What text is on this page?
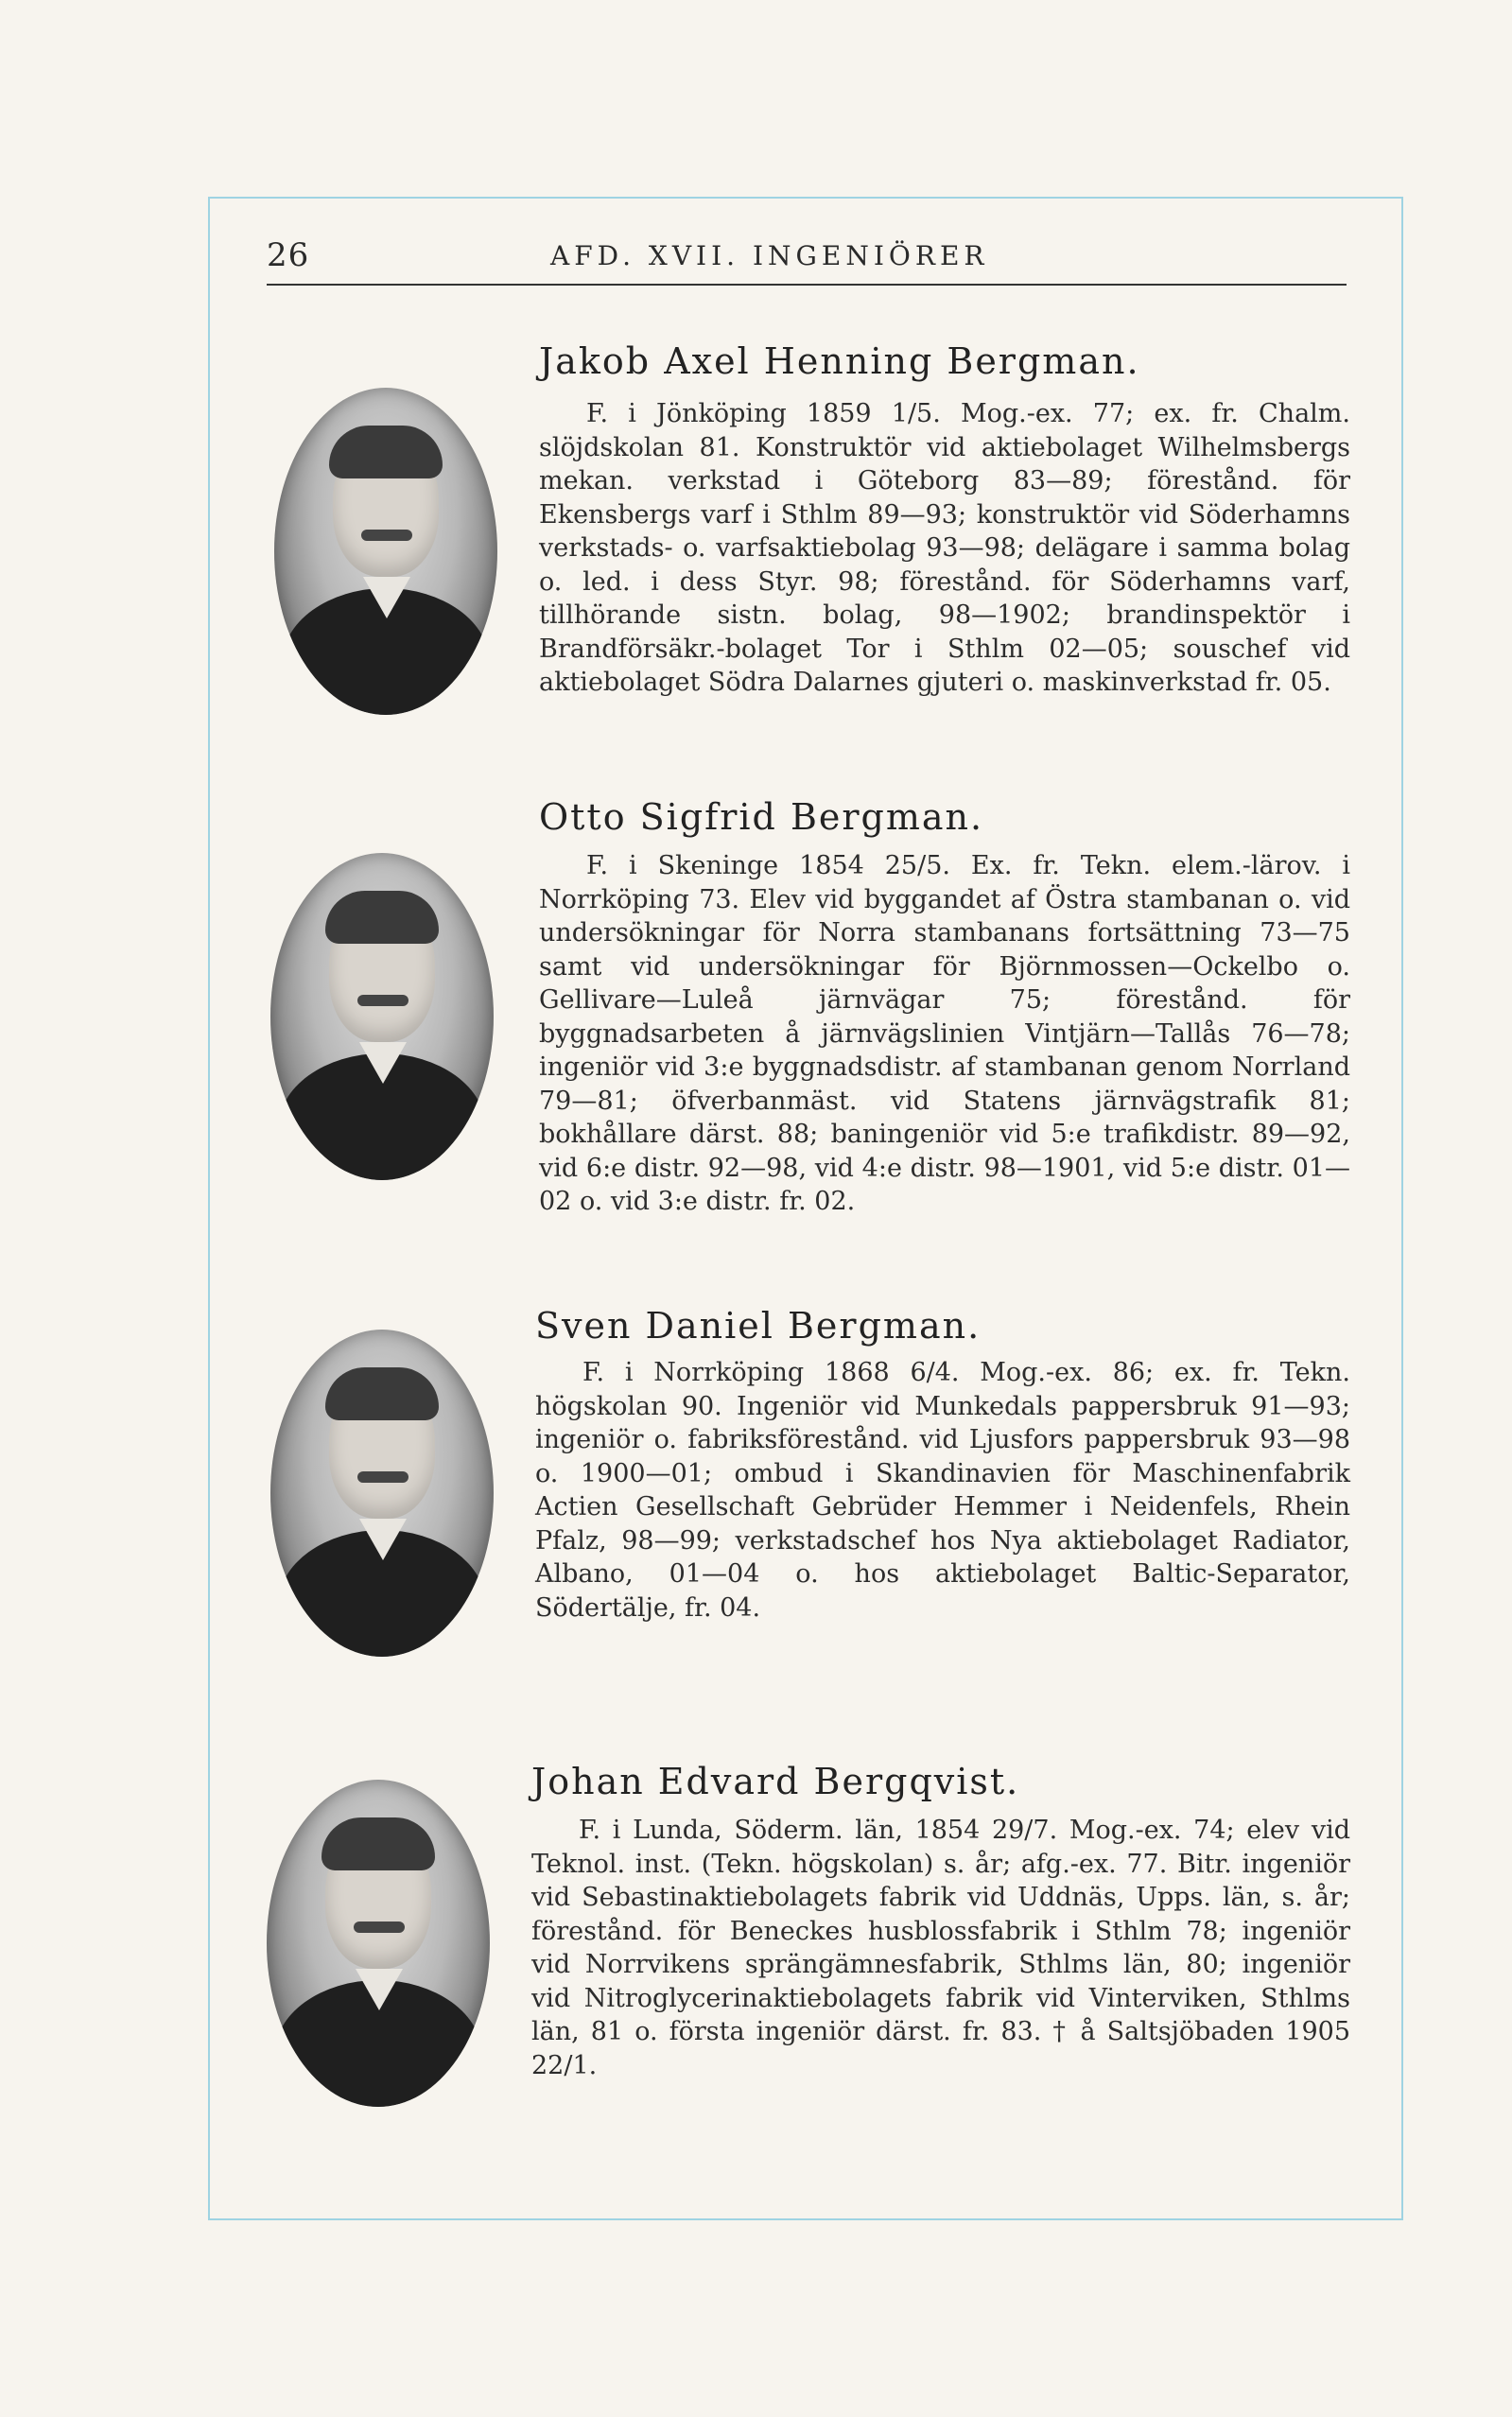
26	AFD. XVII. INGENIÖRER
Jakob Axel Henning Bergman.
F. i Jönköping 1859 1/5. Mog.-ex. 77; ex. fr. Chalm. slöjdskolan 81. Konstruktör vid aktiebolaget Wilhelmsbergs mekan. verkstad i Göteborg 83—89; förestånd. för Ekensbergs varf i Sthlm 89—93; konstruktör vid Söderhamns verkstads- o. varfsaktiebolag 93—98; delägare i samma bolag o. led. i dess Styr. 98; förestånd. för Söderhamns varf, tillhörande sistn. bolag, 98—1902; brandinspektör i Brandförsäkr.-bolaget Tor i Sthlm 02—05; souschef vid aktiebolaget Södra Dalarnes gjuteri o. maskinverkstad fr. 05.
Otto Sigfrid Bergman.
F. i Skeninge 1854 25/5. Ex. fr. Tekn. elem.-lärov. i Norrköping 73. Elev vid byggandet af Östra stambanan o. vid undersökningar för Norra stambanans fortsättning 73—75 samt vid undersökningar för Björnmossen—Ockelbo o. Gellivare—Luleå järnvägar 75; förestånd. för byggnadsarbeten å järnvägslinien Vintjärn—Tallås 76—78; ingeniör vid 3:e byggnadsdistr. af stambanan genom Norrland 79—81; öfverbanmäst. vid Statens järnvägstrafik 81; bokhållare därst. 88; baningeniör vid 5:e trafikdistr. 89—92, vid 6:e distr. 92—98, vid 4:e distr. 98—1901, vid 5:e distr. 01—02 o. vid 3:e distr. fr. 02.
Sven Daniel Bergman.
F. i Norrköping 1868 6/4. Mog.-ex. 86; ex. fr. Tekn. högskolan 90. Ingeniör vid Munkedals pappersbruk 91—93; ingeniör o. fabriksförestånd. vid Ljusfors pappersbruk 93—98 o. 1900—01; ombud i Skandinavien för Maschinenfabrik Actien Gesellschaft Gebrüder Hemmer i Neidenfels, Rhein Pfalz, 98—99; verkstadschef hos Nya aktiebolaget Radiator, Albano, 01—04 o. hos aktiebolaget Baltic-Separator, Södertälje, fr. 04.
Johan Edvard Bergqvist.
F. i Lunda, Söderm. län, 1854 29/7. Mog.-ex. 74; elev vid Teknol. inst. (Tekn. högskolan) s. år; afg.-ex. 77. Bitr. ingeniör vid Sebastinaktiebolagets fabrik vid Uddnäs, Upps. län, s. år; förestånd. för Beneckes husblossfabrik i Sthlm 78; ingeniör vid Norrvikens sprängämnesfabrik, Sthlms län, 80; ingeniör vid Nitroglycerinaktiebolagets fabrik vid Vinterviken, Sthlms län, 81 o. första ingeniör därst. fr. 83. † å Saltsjöbaden 1905 22/1.
